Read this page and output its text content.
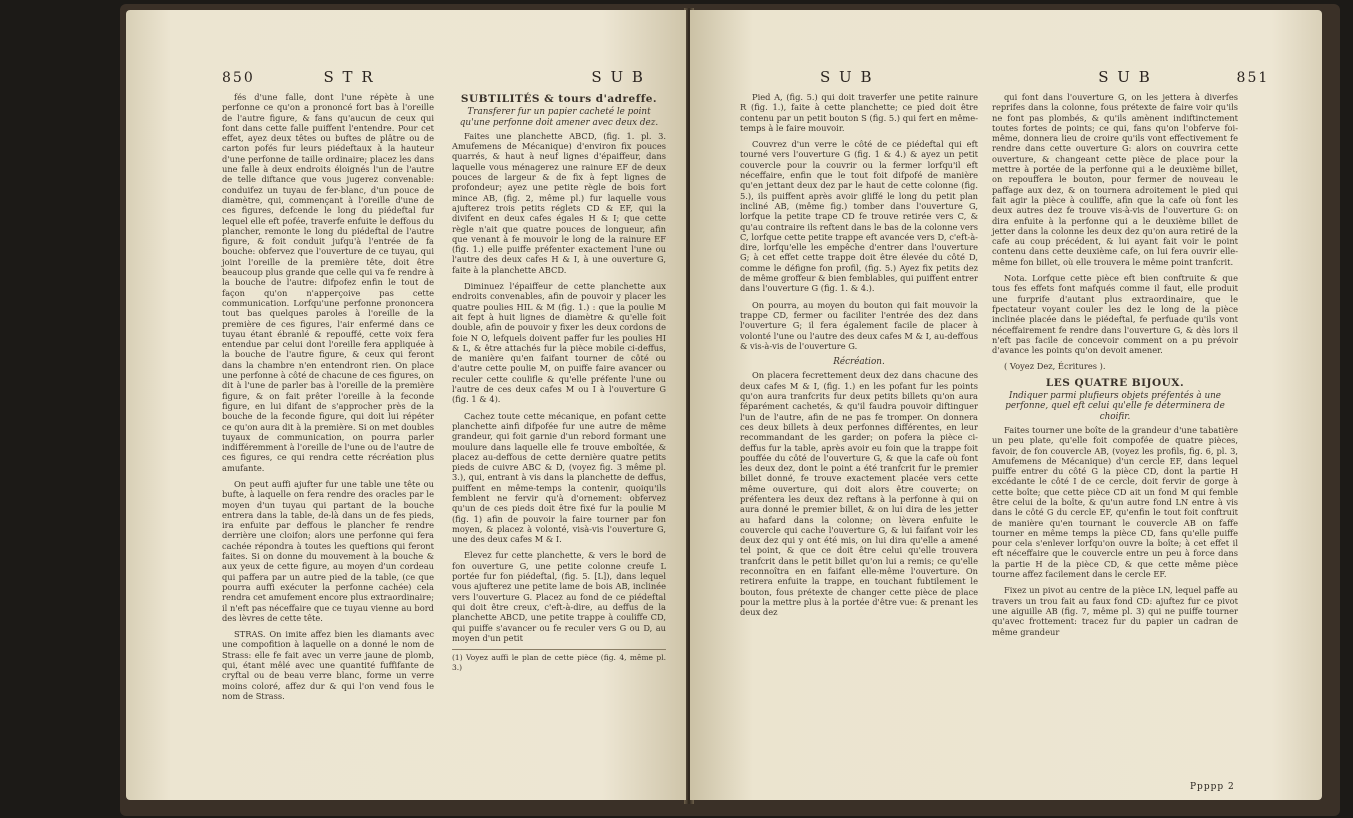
850	S T R	S U B

fés d'une falle, dont l'une répète à une perfonne ce qu'on a prononcé fort bas à l'oreille de l'autre figure, & fans qu'aucun de ceux qui font dans cette falle puiffent l'entendre. Pour cet effet, ayez deux têtes ou buftes de plâtre ou de carton pofés fur leurs piédeftaux à la hauteur d'une perfonne de taille ordinaire; placez les dans une falle à deux endroits éloignés l'un de l'autre de telle diftance que vous jugerez convenable: conduifez un tuyau de fer-blanc, d'un pouce de diamètre, qui, commençant à l'oreille d'une de ces figures, defcende le long du piédeftal fur lequel elle eft pofée, traverfe enfuite le deffous du plancher, remonte le long du piédeftal de l'autre figure, & foit conduit jufqu'à l'entrée de fa bouche: obfervez que l'ouverture de ce tuyau, qui joint l'oreille de la première tête, doit être beaucoup plus grande que celle qui va fe rendre à la bouche de l'autre: difpofez enfin le tout de façon qu'on n'apperçoive pas cette communication. Lorfqu'une perfonne prononcera tout bas quelques paroles à l'oreille de la première de ces figures, l'air enfermé dans ce tuyau étant ébranlé & repouffé, cette voix fera entendue par celui dont l'oreille fera appliquée à la bouche de l'autre figure, & ceux qui feront dans la chambre n'en entendront rien. On place une perfonne à côté de chacune de ces figures, on dit à l'une de parler bas à l'oreille de la première figure, & on fait prêter l'oreille à la feconde figure, en lui difant de s'approcher près de la bouche de la feconde figure, qui doit lui répéter ce qu'on aura dit à la première. Si on met doubles tuyaux de communication, on pourra parler indifféremment à l'oreille de l'une ou de l'autre de ces figures, ce qui rendra cette récréation plus amufante.

On peut auffi ajufter fur une table une tête ou bufte, à laquelle on fera rendre des oracles par le moyen d'un tuyau qui partant de la bouche entrera dans la table, de-là dans un de fes pieds, ira enfuite par deffous le plancher fe rendre derrière une cloifon; alors une perfonne qui fera cachée répondra à toutes les queftions qui feront faites. Si on donne du mouvement à la bouche & aux yeux de cette figure, au moyen d'un cordeau qui paffera par un autre pied de la table, (ce que pourra auffi exécuter la perfonne cachée) cela rendra cet amufement encore plus extraordinaire; il n'eft pas néceffaire que ce tuyau vienne au bord des lèvres de cette tête.

STRAS. On imite affez bien les diamants avec une compofition à laquelle on a donné le nom de Strass: elle fe fait avec un verre jaune de plomb, qui, étant mêlé avec une quantité fuffifante de cryftal ou de beau verre blanc, forme un verre moins coloré, affez dur & qui l'on vend fous le nom de Strass.

SUBTILITÉS & tours d'adreffe.
Transferer fur un papier cacheté le point qu'une perfonne doit amener avec deux dez.

Faites une planchette ABCD, (fig. 1. pl. 3. Amufemens de Mécanique) d'environ fix pouces quarrés, & haut à neuf lignes d'épaiffeur, dans laquelle vous ménagerez une rainure EF de deux pouces de largeur & de fix à fept lignes de profondeur; ayez une petite règle de bois fort mince AB, (fig. 2, même pl.) fur laquelle vous ajufterez trois petits réglets CD & EF, qui la divifent en deux cafes égales H & I; que cette règle n'ait que quatre pouces de longueur, afin que venant à fe mouvoir le long de la rainure EF (fig. 1.) elle puiffe préfenter exactement l'une ou l'autre des deux cafes H & I, à une ouverture G, faite à la planchette ABCD.

Diminuez l'épaiffeur de cette planchette aux endroits convenables, afin de pouvoir y placer les quatre poulies HIL & M (fig. 1.) : que la poulie M ait fept à huit lignes de diamètre & qu'elle foit double, afin de pouvoir y fixer les deux cordons de foie N O, lefquels doivent paffer fur les poulies HI & L, & être attachés fur la pièce mobile ci-deffus, de manière qu'en faifant tourner de côté ou d'autre cette poulie M, on puiffe faire avancer ou reculer cette coulifle & qu'elle préfente l'une ou l'autre de ces deux cafes M ou I à l'ouverture G (fig. 1 & 4).

Cachez toute cette mécanique, en pofant cette planchette ainfi difpofée fur une autre de même grandeur, qui foit garnie d'un rebord formant une moulure dans laquelle elle fe trouve emboîtée, & placez au-deffous de cette dernière quatre petits pieds de cuivre ABC & D, (voyez fig. 3 même pl. 3.), qui, entrant à vis dans la planchette de deffus, puiffent en même-temps la contenir, quoiqu'ils femblent ne fervir qu'à d'ornement: obfervez qu'un de ces pieds doit être fixé fur la poulie M (fig. 1) afin de pouvoir la faire tourner par fon moyen, & placez à volonté, visà-vis l'ouverture G, une des deux cafes M & I.

Elevez fur cette planchette, & vers le bord de fon ouverture G, une petite colonne creufe L portée fur fon piédeftal, (fig. 5. [L]), dans lequel vous ajufterez une petite lame de bois AB, inclinée vers l'ouverture G. Placez au fond de ce piédeftal qui doit être creux, c'eft-à-dire, au deffus de la planchette ABCD, une petite trappe à couliffe CD, qui puiffe s'avancer ou fe reculer vers G ou D, au moyen d'un petit

(1) Voyez auffi le plan de cette pièce (fig. 4, même pl. 3.)
S U B	S U B	851

Pied A, (fig. 5.) qui doit traverfer une petite rainure R (fig. 1.), faite à cette planchette; ce pied doit être contenu par un petit bouton S (fig. 5.) qui fert en même-temps à le faire mouvoir.

Couvrez d'un verre le côté de ce piédeftal qui eft tourné vers l'ouverture G (fig. 1 & 4.) & ayez un petit couvercle pour la couvrir ou la fermer lorfqu'il eft néceffaire, enfin que le tout foit difpofé de manière qu'en jettant deux dez par le haut de cette colonne (fig. 5.), ils puiffent après avoir gliffé le long du petit plan incliné AB, (même fig.) tomber dans l'ouverture G, lorfque la petite trape CD fe trouve retirée vers C, & qu'au contraire ils reftent dans le bas de la colonne vers C, lorfque cette petite trappe eft avancée vers D, c'eft-à-dire, lorfqu'elle les empêche d'entrer dans l'ouverture G; à cet effet cette trappe doit être élevée du côté D, comme le défigne fon profil, (fig. 5.) Ayez fix petits dez de même groffeur & bien femblables, qui puiffent entrer dans l'ouverture G (fig. 1. & 4.).

On pourra, au moyen du bouton qui fait mouvoir la trappe CD, fermer ou faciliter l'entrée des dez dans l'ouverture G; il fera également facile de placer à volonté l'une ou l'autre des deux cafes M & I, au-deffous & vis-à-vis de l'ouverture G.

Récréation.

On placera fecrettement deux dez dans chacune des deux cafes M & I, (fig. 1.) en les pofant fur les points qu'on aura tranfcrits fur deux petits billets qu'on aura féparément cachetés, & qu'il faudra pouvoir diftinguer l'un de l'autre, afin de ne pas fe tromper. On donnera ces deux billets à deux perfonnes différentes, en leur recommandant de les garder; on pofera la pièce ci-deffus fur la table, après avoir eu foin que la trappe foit pouffée du côté de l'ouverture G, & que la cafe où font les deux dez, dont le point a été tranfcrit fur le premier billet donné, fe trouve exactement placée vers cette même ouverture, qui doit alors être couverte; on préfentera les deux dez reftans à la perfonne à qui on aura donné le premier billet, & on lui dira de les jetter au hafard dans la colonne; on lèvera enfuite le couvercle qui cache l'ouverture G, & lui faifant voir les deux dez qui y ont été mis, on lui dira qu'elle a amené tel point, & que ce doit être celui qu'elle trouvera tranfcrit dans le petit billet qu'on lui a remis; ce qu'elle reconnoîtra en en faifant elle-même l'ouverture. On retirera enfuite la trappe, en touchant fubtilement le bouton, fous prétexte de changer cette pièce de place pour la mettre plus à la portée d'être vue: & prenant les deux dez

qui font dans l'ouverture G, on les jettera à diverfes reprifes dans la colonne, fous prétexte de faire voir qu'ils ne font pas plombés, & qu'ils amènent indiftinctement toutes fortes de points; ce qui, fans qu'on l'obferve foi-même, donnera lieu de croire qu'ils vont effectivement fe rendre dans cette ouverture G: alors on couvrira cette ouverture, & changeant cette pièce de place pour la mettre à portée de la perfonne qui a le deuxième billet, on repouffera le bouton, pour fermer de nouveau le paffage aux dez, & on tournera adroitement le pied qui fait agir la pièce à couliffe, afin que la cafe où font les deux autres dez fe trouve vis-à-vis de l'ouverture G: on dira enfuite à la perfonne qui a le deuxième billet de jetter dans la colonne les deux dez qu'on aura retiré de la cafe au coup précédent, & lui ayant fait voir le point contenu dans cette deuxième cafe, on lui fera ouvrir elle-même fon billet, où elle trouvera le même point tranfcrit.

Nota. Lorfque cette pièce eft bien conftruite & que tous fes effets font mafqués comme il faut, elle produit une furprife d'autant plus extraordinaire, que le fpectateur voyant couler les dez le long de la pièce inclinée placée dans le piédeftal, fe perfuade qu'ils vont néceffairement fe rendre dans l'ouverture G, & dès lors il n'eft pas facile de concevoir comment on a pu prévoir d'avance les points qu'on devoit amener.

( Voyez Dez, Écritures ).

LES QUATRE BIJOUX.
Indiquer parmi plufieurs objets préfentés à une perfonne, quel eft celui qu'elle fe déterminera de choifir.

Faites tourner une boîte de la grandeur d'une tabatière un peu plate, qu'elle foit compofée de quatre pièces, favoir, de fon couvercle AB, (voyez les profils, fig. 6, pl. 3, Amufemens de Mécanique) d'un cercle EF, dans lequel puiffe entrer du côté G la pièce CD, dont la partie H excédante le côté I de ce cercle, doit fervir de gorge à cette boîte; que cette pièce CD ait un fond M qui femble être celui de la boîte, & qu'un autre fond LN entre à vis dans le côté G du cercle EF, qu'enfin le tout foit conftruit de manière qu'en tournant le couvercle AB on faffe tourner en même temps la pièce CD, fans qu'elle puiffe pour cela s'enlever lorfqu'on ouvre la boîte; à cet effet il eft néceffaire que le couvercle entre un peu à force dans la partie H de la pièce CD, & que cette même pièce tourne affez facilement dans le cercle EF.

Fixez un pivot au centre de la pièce LN, lequel paffe au travers un trou fait au faux fond CD: ajuftez fur ce pivot une aiguille AB (fig. 7, même pl. 3) qui ne puiffe tourner qu'avec frottement: tracez fur du papier un cadran de même grandeur

Ppppp 2
